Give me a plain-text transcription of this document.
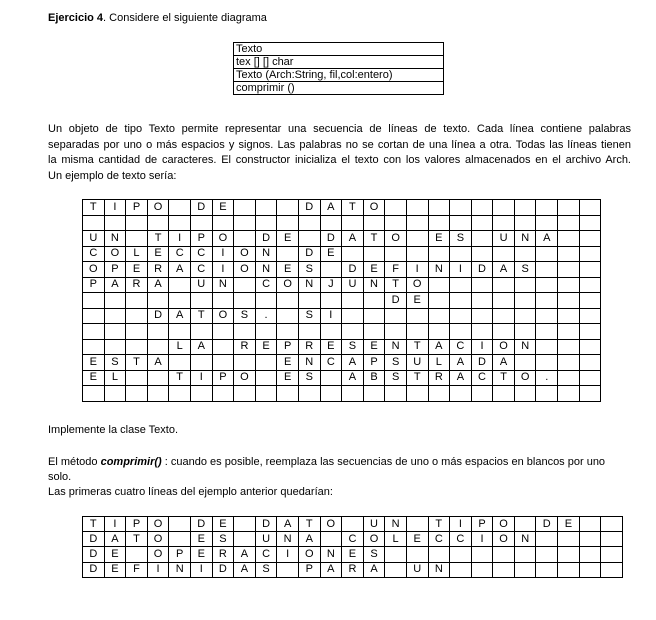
Ejercicio 4. Considere el siguiente diagrama
Texto
tex [] [] char
Texto (Arch:String, fil,col:entero)
comprimir ()
Un objeto de tipo Texto permite representar una secuencia de líneas de texto. Cada línea contiene palabras
separadas por uno o más espacios y signos. Las palabras no se cortan de una línea a otra. Todas las líneas tienen
la misma cantidad de caracteres. El constructor inicializa el texto con los valores almacenados en el archivo Arch.
Un ejemplo de texto sería:
T	I	P	O		D	E				D	A	T	O										

U	N		T	I	P	O		D	E		D	A	T	O		E	S		U	N	A		
C	O	L	E	C	C	I	O	N		D	E												
O	P	E	R	A	C	I	O	N	E	S		D	E	F	I	N	I	D	A	S			
P	A	R	A		U	N		C	O	N	J	U	N	T	O								
														D	E								
			D	A	T	O	S	.		S	I												

				L	A		R	E	P	R	E	S	E	N	T	A	C	I	O	N			
E	S	T	A						E	N	C	A	P	S	U	L	A	D	A				
E	L			T	I	P	O		E	S		A	B	S	T	R	A	C	T	O	.		

Implemente la clase Texto.
El método comprimir() : cuando es posible, reemplaza las secuencias de uno o más espacios en blancos por uno
solo.
Las primeras cuatro líneas del ejemplo anterior quedarían:
T	I	P	O		D	E		D	A	T	O		U	N		T	I	P	O		D	E		
D	A	T	O		E	S		U	N	A		C	O	L	E	C	C	I	O	N				
D	E		O	P	E	R	A	C	I	O	N	E	S											
D	E	F	I	N	I	D	A	S		P	A	R	A		U	N								
